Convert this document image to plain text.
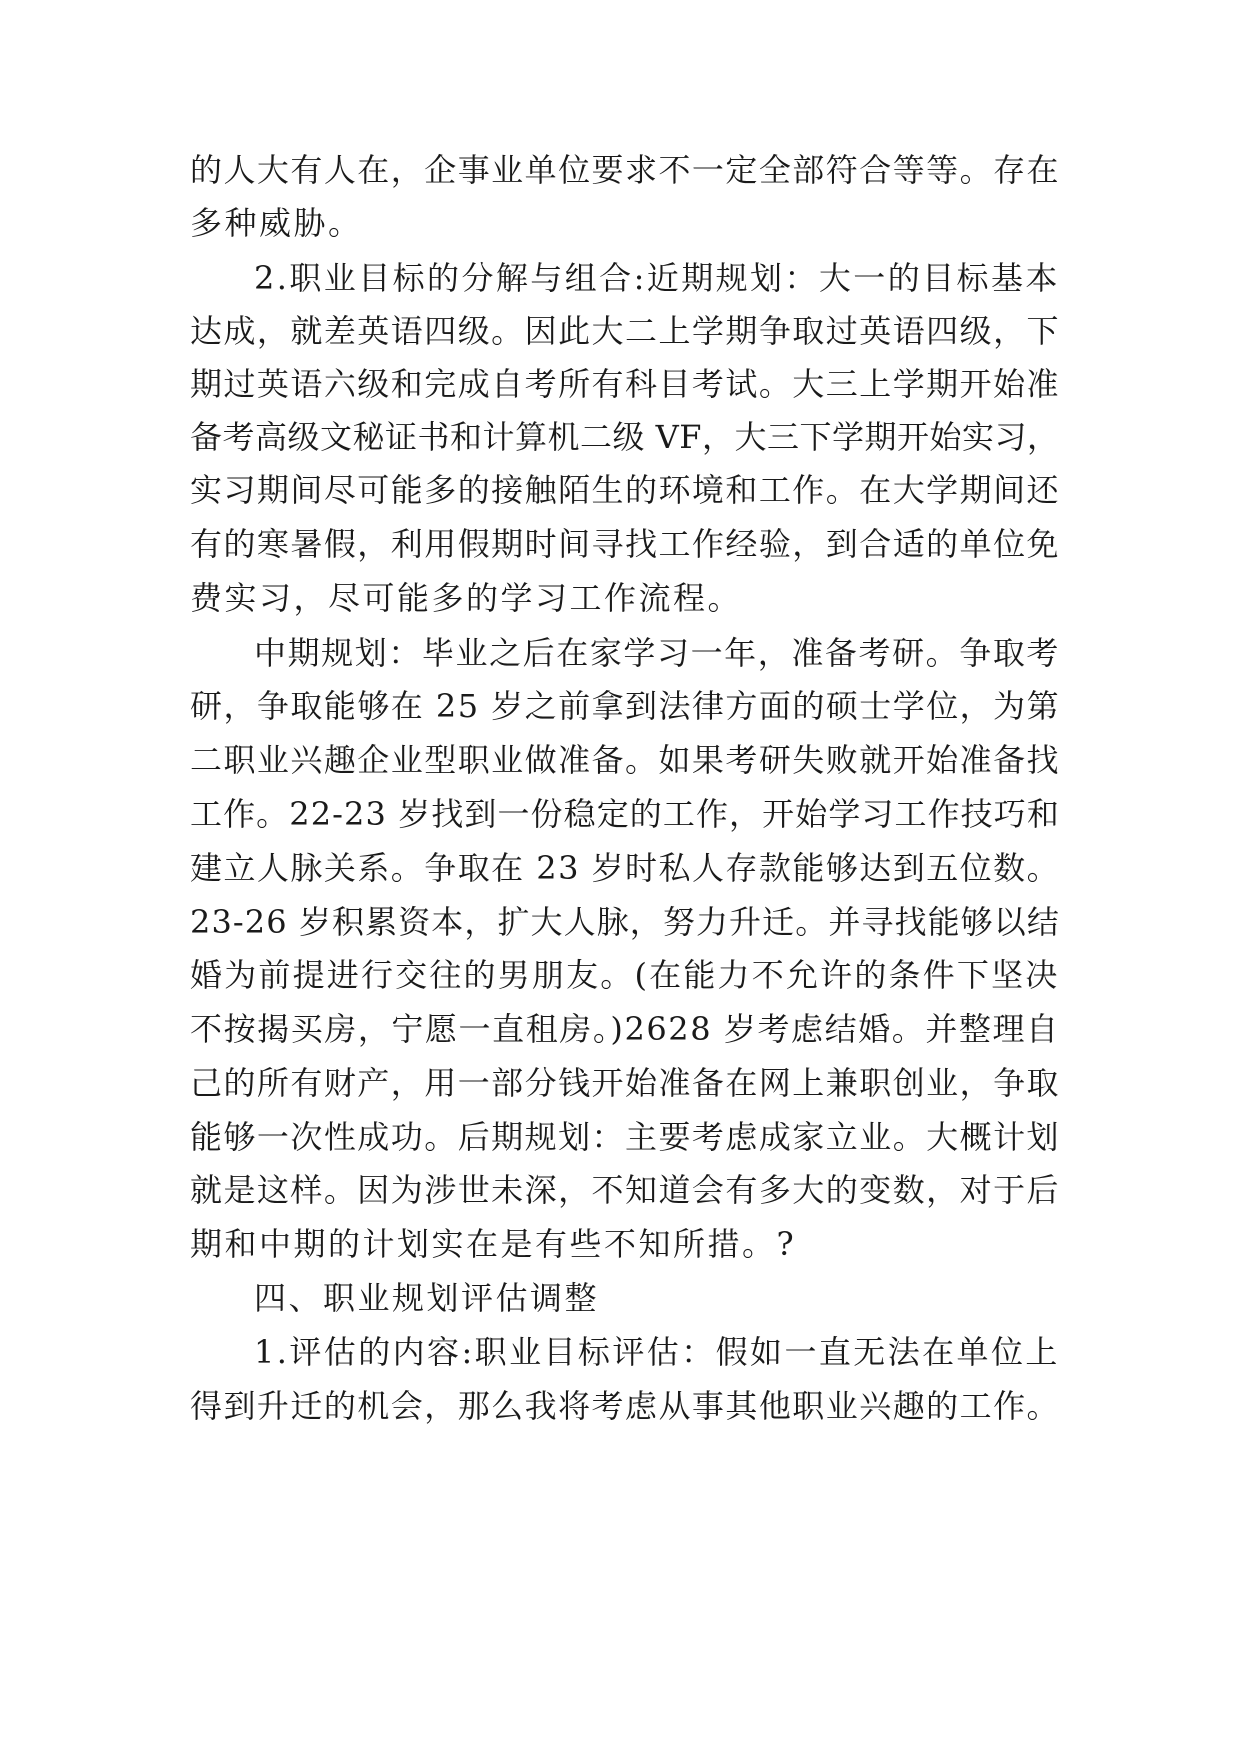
的人大有人在，企事业单位要求不一定全部符合等等。存在

多种威胁。

2.职业目标的分解与组合:近期规划：大一的目标基本

达成，就差英语四级。因此大二上学期争取过英语四级，下

期过英语六级和完成自考所有科目考试。大三上学期开始准

备考高级文秘证书和计算机二级 VF，大三下学期开始实习，

实习期间尽可能多的接触陌生的环境和工作。在大学期间还

有的寒暑假，利用假期时间寻找工作经验，到合适的单位免

费实习，尽可能多的学习工作流程。

中期规划：毕业之后在家学习一年，准备考研。争取考

研，争取能够在 25 岁之前拿到法律方面的硕士学位，为第

二职业兴趣企业型职业做准备。如果考研失败就开始准备找

工作。22-23 岁找到一份稳定的工作，开始学习工作技巧和

建立人脉关系。争取在 23 岁时私人存款能够达到五位数。

23-26 岁积累资本，扩大人脉，努力升迁。并寻找能够以结

婚为前提进行交往的男朋友。(在能力不允许的条件下坚决

不按揭买房，宁愿一直租房。)2628 岁考虑结婚。并整理自

己的所有财产，用一部分钱开始准备在网上兼职创业，争取

能够一次性成功。后期规划：主要考虑成家立业。大概计划

就是这样。因为涉世未深，不知道会有多大的变数，对于后

期和中期的计划实在是有些不知所措。?

四、职业规划评估调整

1.评估的内容:职业目标评估：假如一直无法在单位上

得到升迁的机会，那么我将考虑从事其他职业兴趣的工作。
